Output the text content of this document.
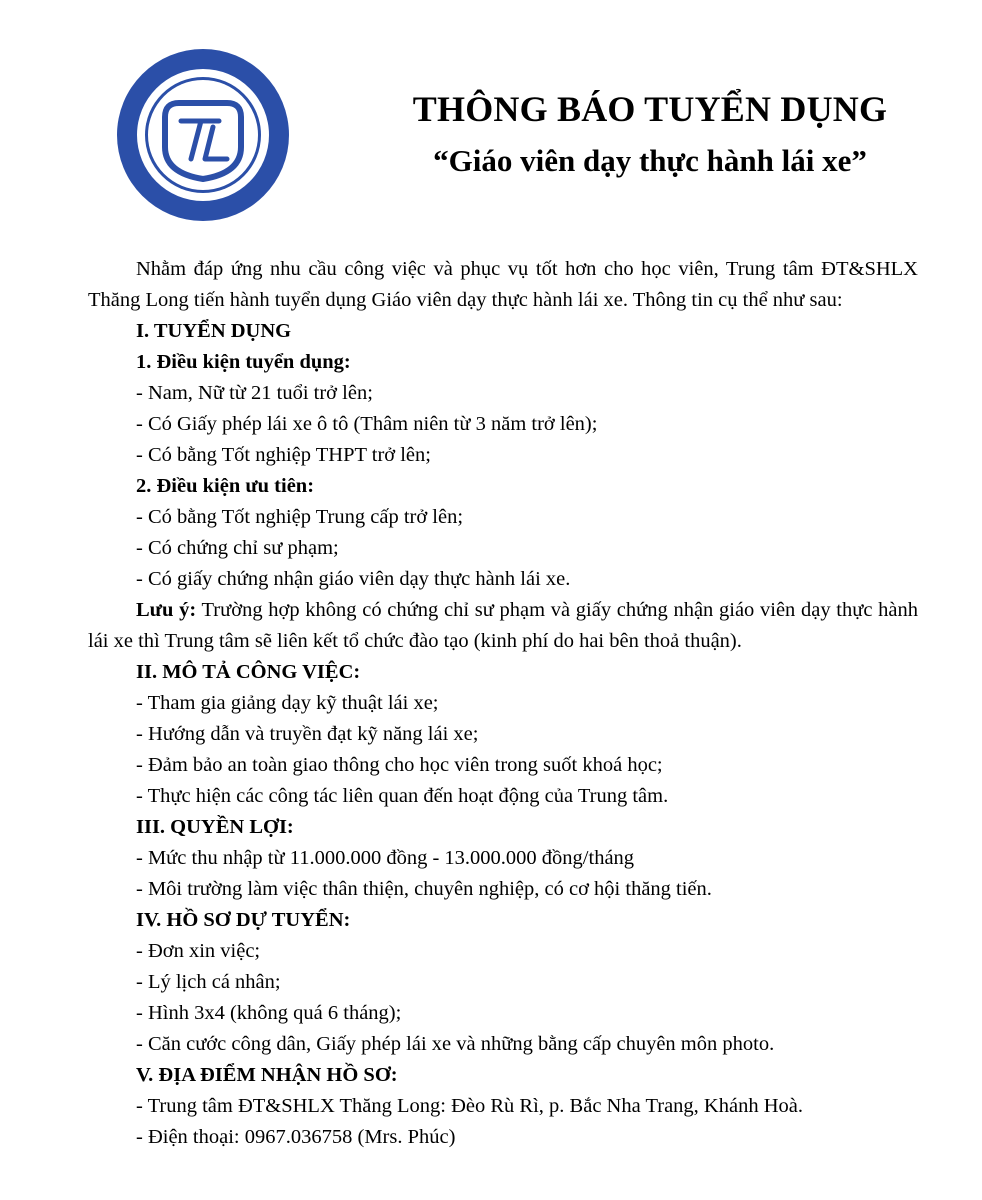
THÔNG BÁO TUYỂN DỤNG
“Giáo viên dạy thực hành lái xe”

Nhằm đáp ứng nhu cầu công việc và phục vụ tốt hơn cho học viên, Trung tâm ĐT&SHLX Thăng Long tiến hành tuyển dụng Giáo viên dạy thực hành lái xe. Thông tin cụ thể như sau:

I. TUYỂN DỤNG

1. Điều kiện tuyển dụng:

- Nam, Nữ từ 21 tuổi trở lên;

- Có Giấy phép lái xe ô tô (Thâm niên từ 3 năm trở lên);

- Có bằng Tốt nghiệp THPT trở lên;

2. Điều kiện ưu tiên:

- Có bằng Tốt nghiệp Trung cấp trở lên;

- Có chứng chỉ sư phạm;

- Có giấy chứng nhận giáo viên dạy thực hành lái xe.

Lưu ý: Trường hợp không có chứng chỉ sư phạm và giấy chứng nhận giáo viên dạy thực hành lái xe thì Trung tâm sẽ liên kết tổ chức đào tạo (kinh phí do hai bên thoả thuận).

II. MÔ TẢ CÔNG VIỆC:

- Tham gia giảng dạy kỹ thuật lái xe;

- Hướng dẫn và truyền đạt kỹ năng lái xe;

- Đảm bảo an toàn giao thông cho học viên trong suốt khoá học;

- Thực hiện các công tác liên quan đến hoạt động của Trung tâm.

III. QUYỀN LỢI:

- Mức thu nhập từ 11.000.000 đồng - 13.000.000 đồng/tháng

- Môi trường làm việc thân thiện, chuyên nghiệp, có cơ hội thăng tiến.

IV. HỒ SƠ DỰ TUYỂN:

- Đơn xin việc;

- Lý lịch cá nhân;

- Hình 3x4 (không quá 6 tháng);

- Căn cước công dân, Giấy phép lái xe và những bằng cấp chuyên môn photo.

V. ĐỊA ĐIỂM NHẬN HỒ SƠ:

- Trung tâm ĐT&SHLX Thăng Long: Đèo Rù Rì, p. Bắc Nha Trang, Khánh Hoà.

- Điện thoại: 0967.036758 (Mrs. Phúc)
